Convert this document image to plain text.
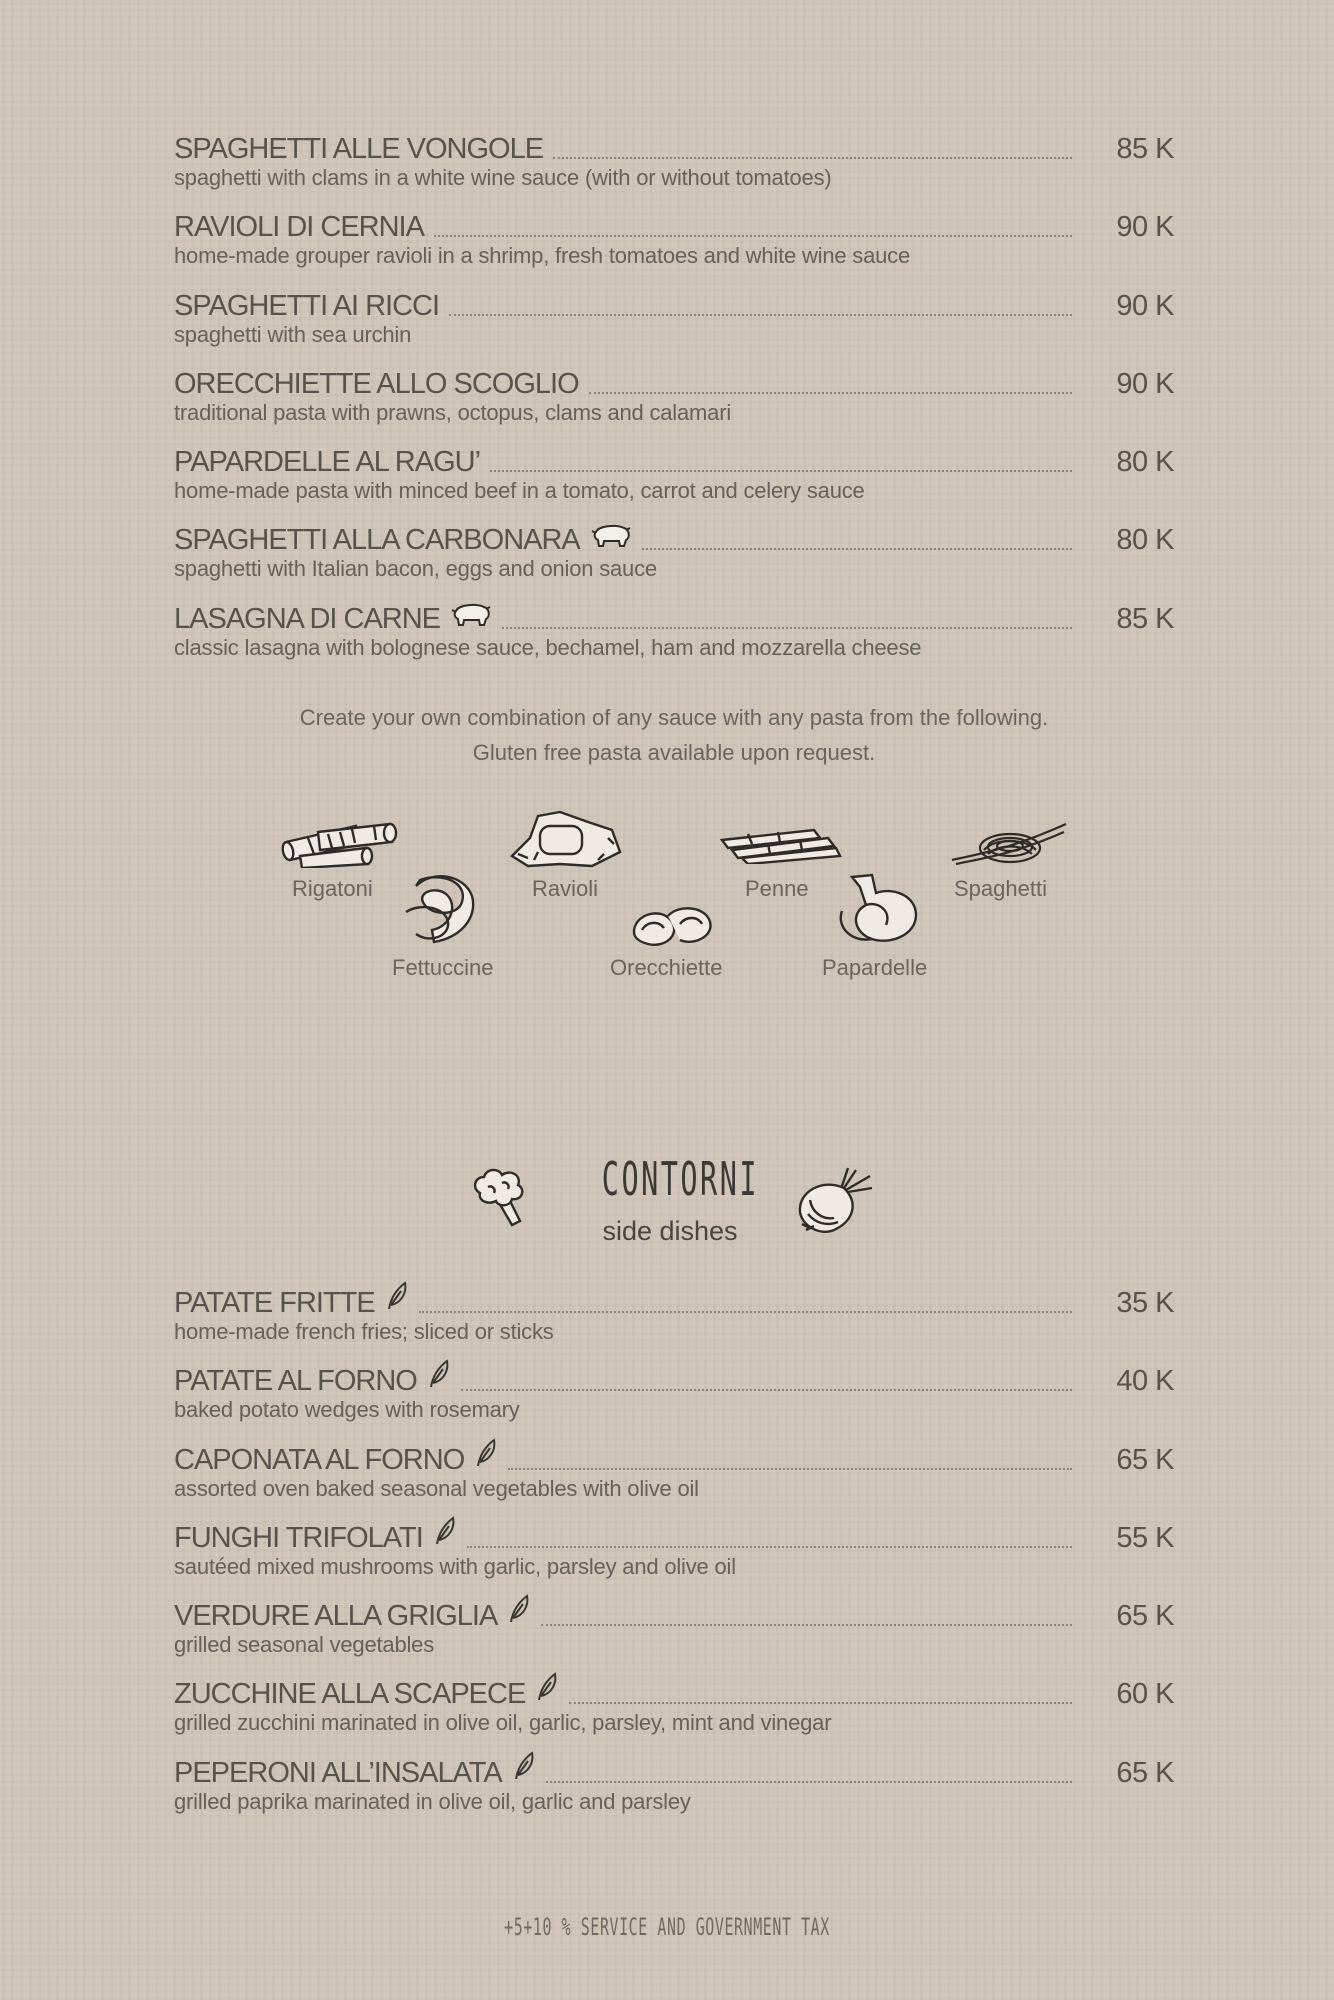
SPAGHETTI ALLE VONGOLE	85 K
spaghetti with clams in a white wine sauce (with or without tomatoes)
RAVIOLI DI CERNIA	90 K
home-made grouper ravioli in a shrimp, fresh tomatoes and white wine sauce
SPAGHETTI AI RICCI	90 K
spaghetti with sea urchin
ORECCHIETTE ALLO SCOGLIO	90 K
traditional pasta with prawns, octopus, clams and calamari
PAPARDELLE AL RAGU’	80 K
home-made pasta with minced beef in a tomato, carrot and celery sauce
SPAGHETTI ALLA CARBONARA	80 K
spaghetti with Italian bacon, eggs and onion sauce
LASAGNA DI CARNE	85 K
classic lasagna with bolognese sauce, bechamel, ham and mozzarella cheese
Create your own combination of any sauce with any pasta from the following.
Gluten free pasta available upon request.
Rigatoni
Fettuccine
Ravioli
Orecchiette
Penne
Papardelle
Spaghetti
CONTORNI
side dishes
PATATE FRITTE	35 K
home-made french fries; sliced or sticks
PATATE AL FORNO	40 K
baked potato wedges with rosemary
CAPONATA AL FORNO	65 K
assorted oven baked seasonal vegetables with olive oil
FUNGHI TRIFOLATI	55 K
sautéed mixed mushrooms with garlic, parsley and olive oil
VERDURE ALLA GRIGLIA	65 K
grilled seasonal vegetables
ZUCCHINE ALLA SCAPECE	60 K
grilled zucchini marinated in olive oil, garlic, parsley, mint and vinegar
PEPERONI ALL’INSALATA	65 K
grilled paprika marinated in olive oil, garlic and parsley
+5+10 % SERVICE AND GOVERNMENT TAX
